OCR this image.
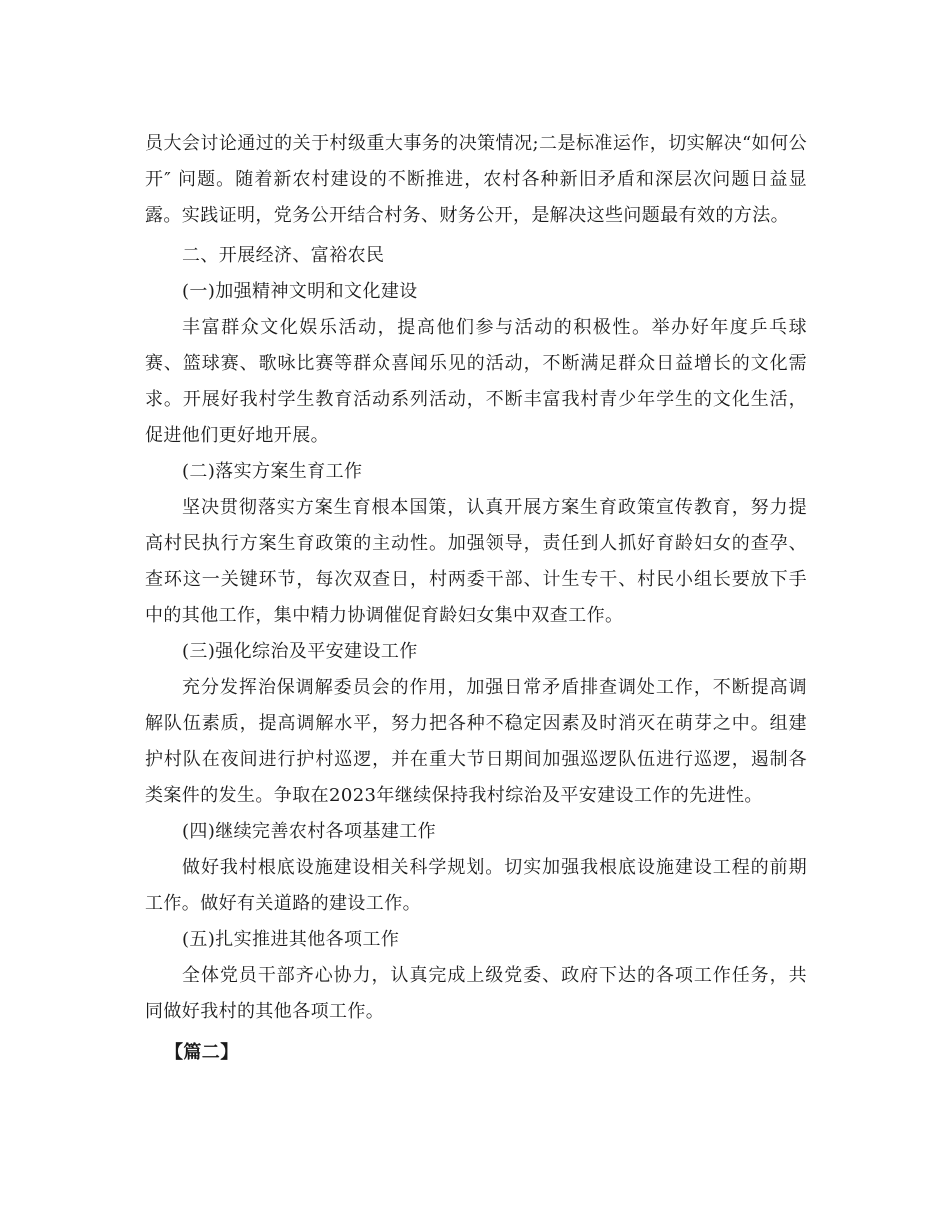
员大会讨论通过的关于村级重大事务的决策情况;二是标准运作，切实解决“如何公开″ 问题。随着新农村建设的不断推进，农村各种新旧矛盾和深层次问题日益显露。实践证明，党务公开结合村务、财务公开，是解决这些问题最有效的方法。

二、开展经济、富裕农民

(一)加强精神文明和文化建设

丰富群众文化娱乐活动，提高他们参与活动的积极性。举办好年度乒乓球赛、篮球赛、歌咏比赛等群众喜闻乐见的活动，不断满足群众日益增长的文化需求。开展好我村学生教育活动系列活动，不断丰富我村青少年学生的文化生活，促进他们更好地开展。

(二)落实方案生育工作

坚决贯彻落实方案生育根本国策，认真开展方案生育政策宣传教育，努力提高村民执行方案生育政策的主动性。加强领导，责任到人抓好育龄妇女的查孕、查环这一关键环节，每次双查日，村两委干部、计生专干、村民小组长要放下手中的其他工作，集中精力协调催促育龄妇女集中双查工作。

(三)强化综治及平安建设工作

充分发挥治保调解委员会的作用，加强日常矛盾排查调处工作，不断提高调解队伍素质，提高调解水平，努力把各种不稳定因素及时消灭在萌芽之中。组建护村队在夜间进行护村巡逻，并在重大节日期间加强巡逻队伍进行巡逻，遏制各类案件的发生。争取在2023年继续保持我村综治及平安建设工作的先进性。

(四)继续完善农村各项基建工作

做好我村根底设施建设相关科学规划。切实加强我根底设施建设工程的前期工作。做好有关道路的建设工作。

(五)扎实推进其他各项工作

全体党员干部齐心协力，认真完成上级党委、政府下达的各项工作任务，共同做好我村的其他各项工作。

【篇二】
